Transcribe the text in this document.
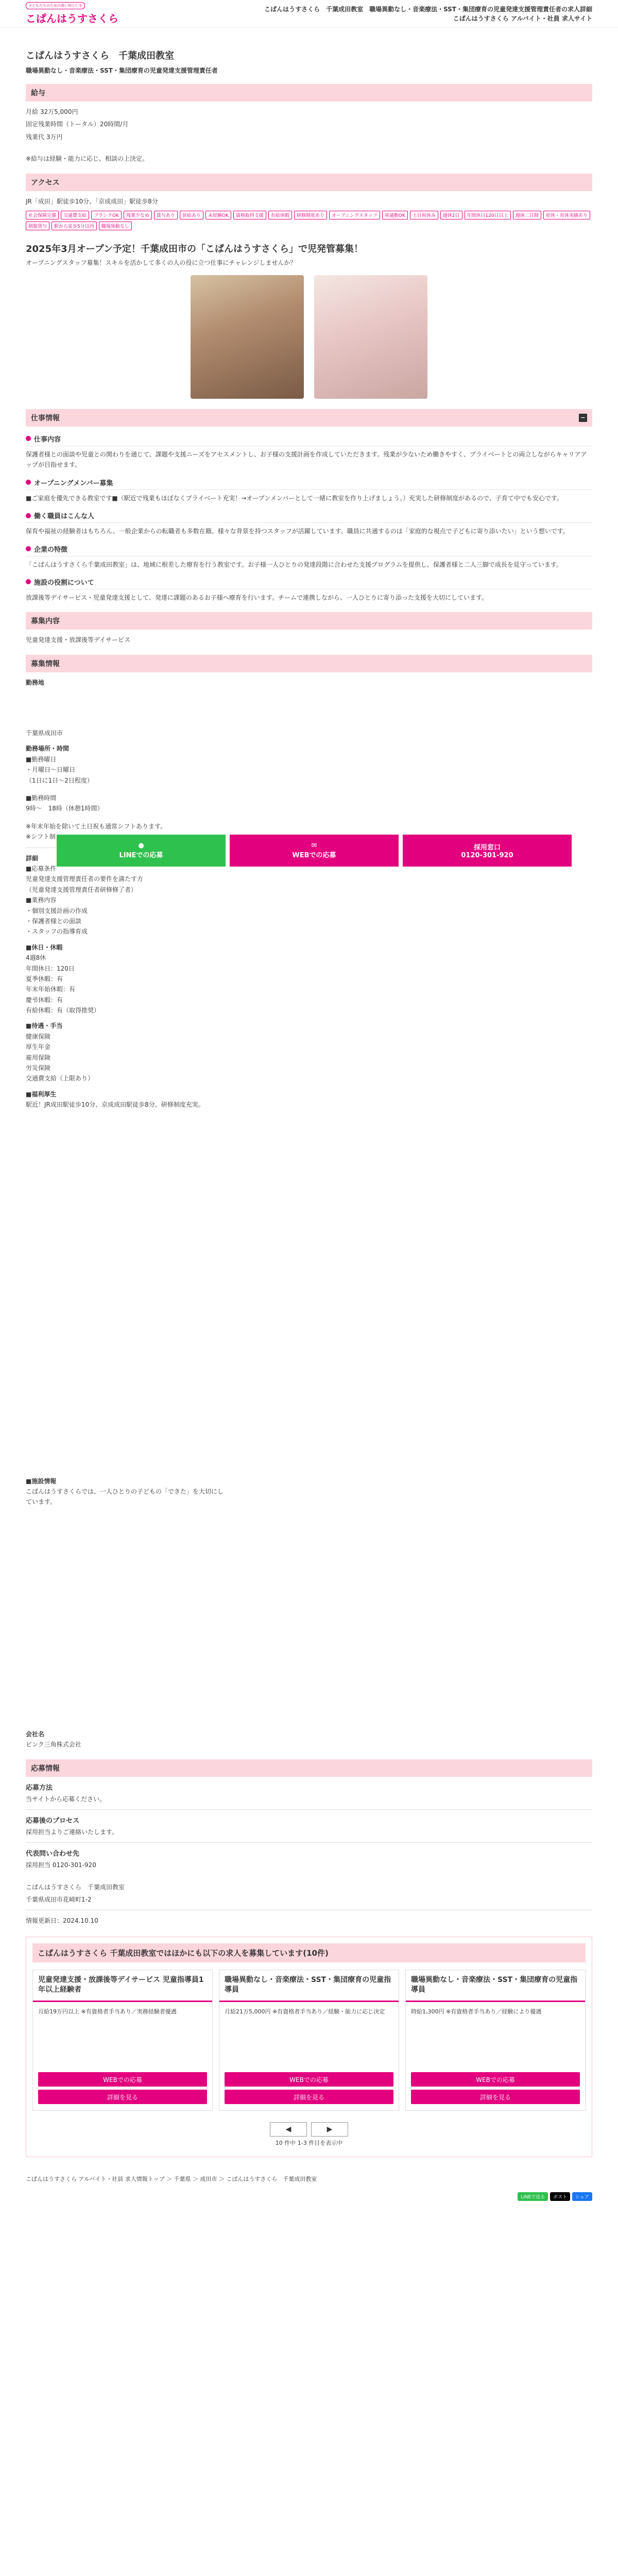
子どもたちのための高い知と仁を
こぱんはうすさくら
こぱんはうすさくら　千葉成田教室　職場異動なし・音楽療法・SST・集団療育の児童発達支援管理責任者の求人詳細
こぱんはうすさくら アルバイト・社員 求人サイト
こぱんはうすさくら　千葉成田教室
職場異動なし・音楽療法・SST・集団療育の児童発達支援管理責任者
給与
月給 32万5,000円
固定残業時間（トータル）20時間/月
残業代 3万円
※給与は経験・能力に応じ、相談の上決定。
アクセス
JR「成田」駅徒歩10分、「京成成田」駅徒歩8分
社会保険完備	交通費支給	ブランクOK	残業少なめ	賞与あり	昇給あり	未経験OK	資格取得支援	有給休暇	研修制度あり	オープニングスタッフ	車通勤OK	土日祝休み	週休2日	年間休日120日以上	週休二日制	産休・育休実績あり
制服貸与	駅から徒歩5分以内	職場異動なし
2025年3月オープン予定！千葉成田市の「こぱんはうすさくら」で児発管募集！
オープニングスタッフ募集！スキルを活かして多くの人の役に立つ仕事にチャレンジしませんか？
仕事情報	−
仕事内容
保護者様との面談や児童との関わりを通じて、課題や支援ニーズをアセスメントし、お子様の支援計画を作成していただきます。残業が少ないため働きやすく、プライベートとの両立しながらキャリアアップが目指せます。
オープニングメンバー募集
■ご家庭を優先できる教室です■（駅近で残業もほぼなくプライベート充実！→オープンメンバーとして一緒に教室を作り上げましょう。）充実した研修制度があるので、子育て中でも安心です。
働く職員はこんな人
保育や福祉の経験者はもちろん、一般企業からの転職者も多数在籍。様々な背景を持つスタッフが活躍しています。職員に共通するのは「家庭的な視点で子どもに寄り添いたい」という想いです。
企業の特徴
「こぱんはうすさくら千葉成田教室」は、地域に根差した療育を行う教室です。お子様一人ひとりの発達段階に合わせた支援プログラムを提供し、保護者様と二人三脚で成長を見守っています。
施設の役割について
放課後等デイサービス・児童発達支援として、発達に課題のあるお子様へ療育を行います。チームで連携しながら、一人ひとりに寄り添った支援を大切にしています。
募集内容
児童発達支援・放課後等デイサービス
募集情報
勤務地
千葉県成田市
勤務場所・時間
■勤務曜日
・月曜日〜日曜日
（1日に1日〜2日程度）
■勤務時間
9時〜　18時（休憩1時間）
※年末年始を除いて土日祝も通常シフトあります。
※シフト制
詳細
■応募条件
児童発達支援管理責任者の要件を満たす方
（児童発達支援管理責任者研修修了者）
■業務内容
・個別支援計画の作成
・保護者様との面談
・スタッフの指導育成
■休日・休暇
4週8休
年間休日：120日
夏季休暇：有
年末年始休暇：有
慶弔休暇：有
有給休暇：有（取得推奨）
■待遇・手当
健康保険
厚生年金
雇用保険
労災保険
交通費支給（上限あり）
■福利厚生
駅近！JR成田駅徒歩10分、京成成田駅徒歩8分。研修制度充実。
■施設情報
こぱんはうすさくらでは、一人ひとりの子どもの「できた」を大切にしています。
会社名
ピンク三角株式会社
応募情報
応募方法
当サイトから応募ください。
応募後のプロセス
採用担当よりご連絡いたします。
代表問い合わせ先
採用担当 0120-301-920
こぱんはうすさくら　千葉成田教室
千葉県成田市花崎町1-2
情報更新日：2024.10.10
こぱんはうすさくら 千葉成田教室ではほかにも以下の求人を募集しています(10件)
児童発達支援・放課後等デイサービス 児童指導員1年以上経験者
月給19万円以上 ※有資格者手当あり／実務経験者優遇
WEBでの応募
詳細を見る
職場異動なし・音楽療法・SST・集団療育の児童指導員
月給21万5,000円 ※有資格者手当あり／経験・能力に応じ決定
WEBでの応募
詳細を見る
職場異動なし・音楽療法・SST・集団療育の児童指導員
時給1,300円 ※有資格者手当あり／経験により優遇
WEBでの応募
詳細を見る
◀	▶
10 件中 1-3 件目を表示中
こぱんはうすさくら アルバイト・社員 求人情報トップ ＞ 千葉県 ＞ 成田市 ＞ こぱんはうすさくら　千葉成田教室
LINEで送る	ポスト	シェア
●
LINEでの応募
✉
WEBでの応募
採用窓口
0120-301-920
